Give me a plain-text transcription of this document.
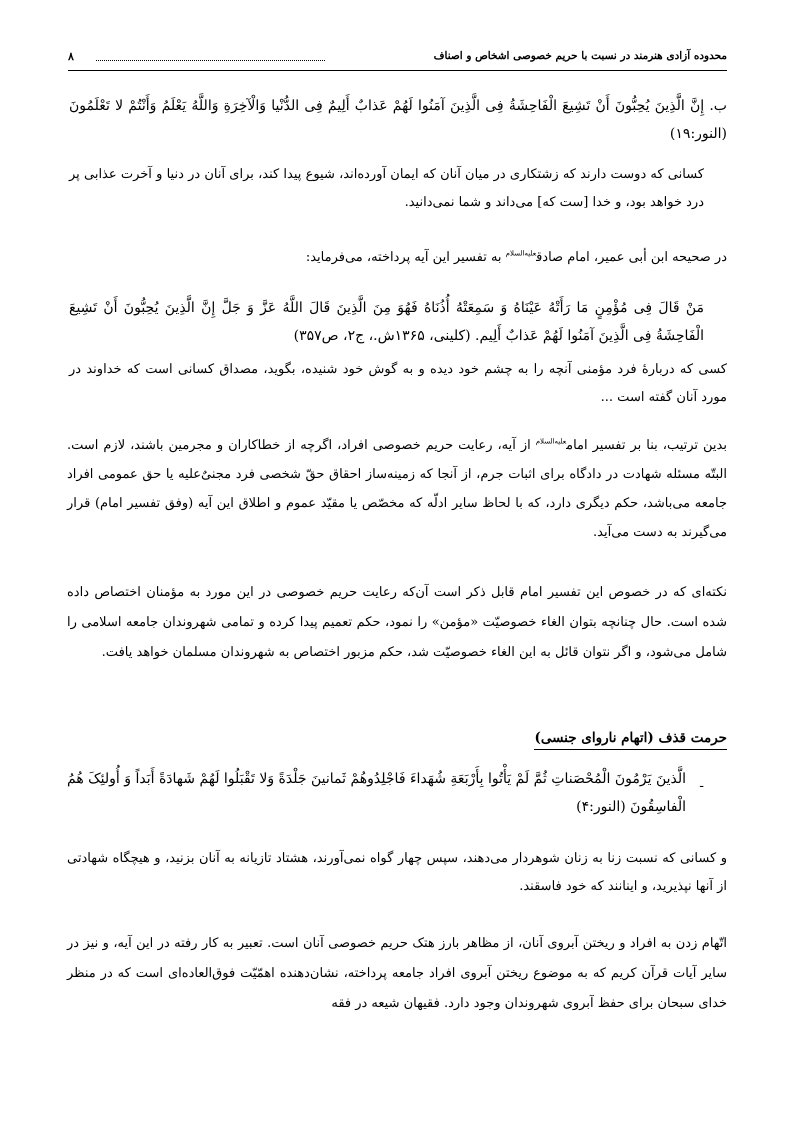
محدوده آزادی هنرمند در نسبت با حریم خصوصی اشخاص و اصناف
۸

ب. إِنَّ الَّذِینَ یُحِبُّونَ أَنْ تَشِیعَ الْفَاحِشَةُ فِی الَّذِینَ آمَنُوا لَهُمْ عَذابٌ أَلِیمٌ فِی الدُّنْیا وَالْآخِرَةِ وَاللَّهُ یَعْلَمُ وَأَنْتُمْ لا تَعْلَمُونَ (النور:۱۹)

کسانی که دوست دارند که زشتکاری در میان آنان که ایمان آورده‌اند، شیوع پیدا کند، برای آنان در دنیا و آخرت عذابی پر درد خواهد بود، و خدا [ست که] می‌داند و شما نمی‌دانید.

در صحیحه ابن أبی عمیر، امام صادق$^{علیه‌السلام}$ به تفسیر این آیه پرداخته، می‌فرماید:

مَنْ قَالَ فِی مُؤْمِنٍ مَا رَأَتْهُ عَیْنَاهُ وَ سَمِعَتْهُ أُذُنَاهُ فَهُوَ مِنَ الَّذِینَ قَالَ اللَّهُ عَزَّ وَ جَلَّ إِنَّ الَّذِینَ یُحِبُّونَ أَنْ تَشِیعَ الْفَاحِشَةُ فِی الَّذِینَ آمَنُوا لَهُمْ عَذابٌ أَلِیم. (کلینی، ۱۳۶۵ش.، ج۲، ص۳۵۷)

کسی که دربارۀ فرد مؤمنی آنچه را به چشم خود دیده و به گوش خود شنیده، بگوید، مصداق کسانی است که خداوند در مورد آنان گفته است ...

بدین ترتیب، بنا بر تفسیر امام$^{علیه‌السلام}$ از آیه، رعایت حریم خصوصی افراد، اگرچه از خطاکاران و مجرمین باشند، لازم است. البتّه مسئله شهادت در دادگاه برای اثبات جرم، از آنجا که زمینه‌ساز احقاق حقّ شخصی فرد مجنیٌ‌علیه یا حق عمومی افراد جامعه می‌باشد، حکم دیگری دارد، که با لحاظ سایر ادلّه که مخصّص یا مقیّد عموم و اطلاق این آیه (وفق تفسیر امام) قرار می‌گیرند به دست می‌آید.

نکته‌ای که در خصوص این تفسیر امام قابل ذکر است آن‌که رعایت حریم خصوصی در این مورد به مؤمنان اختصاص داده شده است. حال چنانچه بتوان الغاء خصوصیّت «مؤمن» را نمود، حکم تعمیم پیدا کرده و تمامی شهروندان جامعه اسلامی را شامل می‌شود، و اگر نتوان قائل به این الغاء خصوصیّت شد، حکم مزبور اختصاص به شهروندان مسلمان خواهد یافت.

حرمت قذف (اتهام ناروای جنسی)
-

الَّذینَ یَرْمُونَ الْمُحْصَناتِ ثُمَّ لَمْ یَأْتُوا بِأَرْبَعَةِ شُهَداءَ فَاجْلِدُوهُمْ ثَمانینَ جَلْدَةً وَلا تَقْبَلُوا لَهُمْ شَهادَةً أَبَداً وَ أُولئِکَ هُمُ الْفاسِقُونَ (النور:۴)

و کسانی که نسبت زنا به زنان شوهردار می‌دهند، سپس چهار گواه نمی‌آورند، هشتاد تازیانه به آنان بزنید، و هیچگاه شهادتی از آنها نپذیرید، و اینانند که خود فاسقند.

اتّهام زدن به افراد و ریختن آبروی آنان، از مظاهر بارز هتک حریم خصوصی آنان است. تعبیر به کار رفته در این آیه، و نیز در سایر آیات قرآن کریم که به موضوع ریختن آبروی افراد جامعه پرداخته، نشان‌دهنده اهمّیّت فوق‌العاده‌ای است که در منظر خدای سبحان برای حفظ آبروی شهروندان وجود دارد. فقیهان شیعه در فقه
